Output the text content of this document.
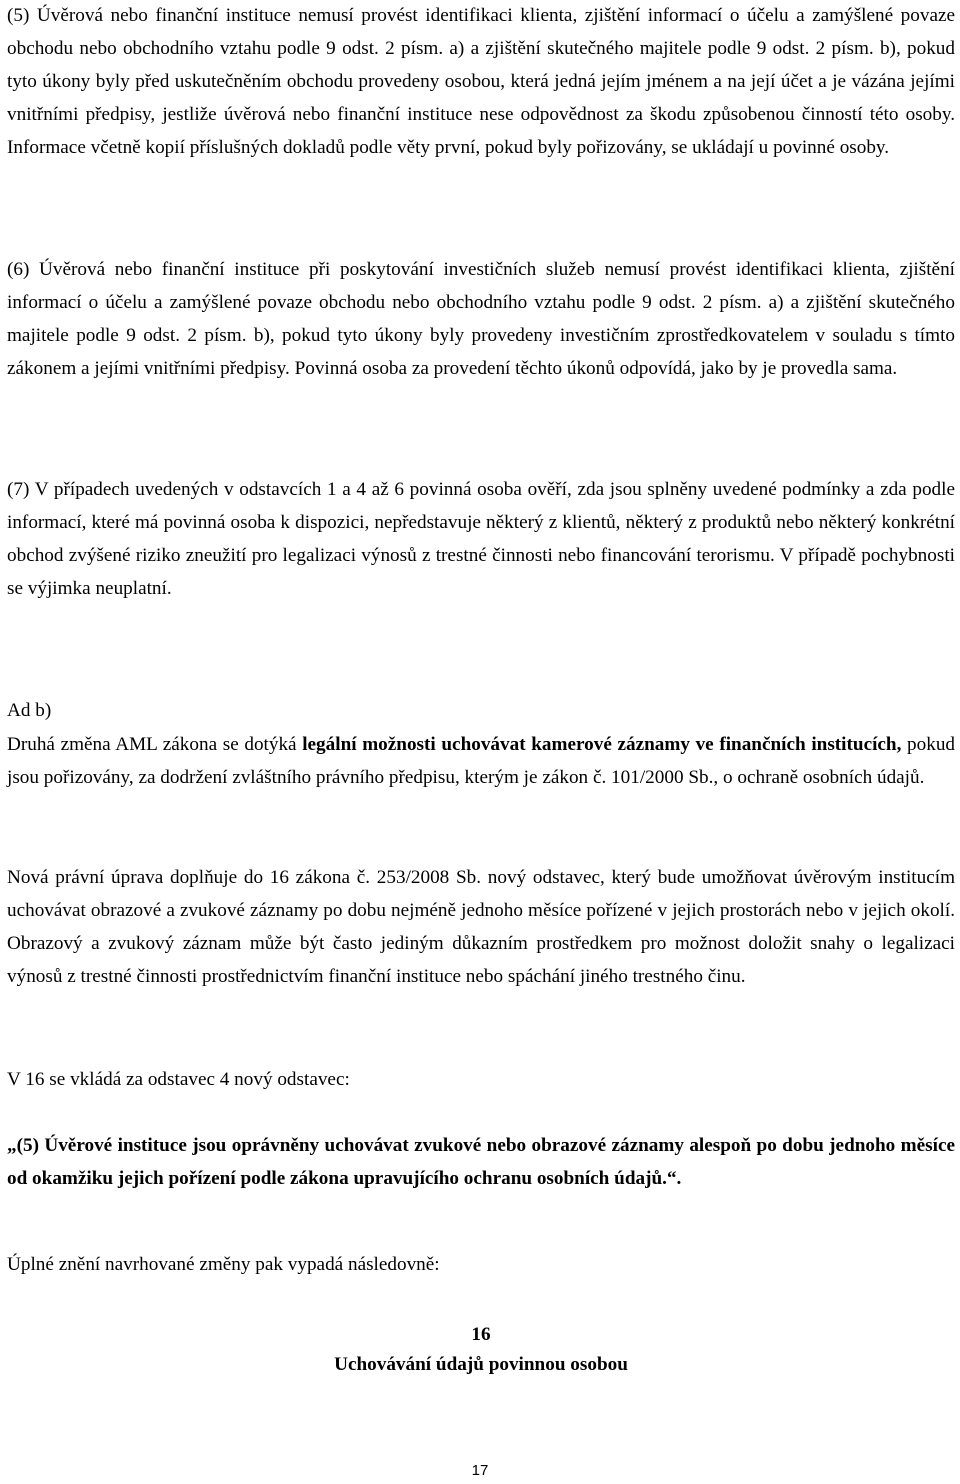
(5) Úvěrová nebo finanční instituce nemusí provést identifikaci klienta, zjištění informací o účelu a zamýšlené povaze obchodu nebo obchodního vztahu podle 9 odst. 2 písm. a) a zjištění skutečného majitele podle 9 odst. 2 písm. b), pokud tyto úkony byly před uskutečněním obchodu provedeny osobou, která jedná jejím jménem a na její účet a je vázána jejími vnitřními předpisy, jestliže úvěrová nebo finanční instituce nese odpovědnost za škodu způsobenou činností této osoby. Informace včetně kopií příslušných dokladů podle věty první, pokud byly pořizovány, se ukládají u povinné osoby.

(6) Úvěrová nebo finanční instituce při poskytování investičních služeb nemusí provést identifikaci klienta, zjištění informací o účelu a zamýšlené povaze obchodu nebo obchodního vztahu podle 9 odst. 2 písm. a) a zjištění skutečného majitele podle 9 odst. 2 písm. b), pokud tyto úkony byly provedeny investičním zprostředkovatelem v souladu s tímto zákonem a jejími vnitřními předpisy. Povinná osoba za provedení těchto úkonů odpovídá, jako by je provedla sama.

(7) V případech uvedených v odstavcích 1 a 4 až 6 povinná osoba ověří, zda jsou splněny uvedené podmínky a zda podle informací, které má povinná osoba k dispozici, nepředstavuje některý z klientů, některý z produktů nebo některý konkrétní obchod zvýšené riziko zneužití pro legalizaci výnosů z trestné činnosti nebo financování terorismu. V případě pochybnosti se výjimka neuplatní.

Ad b)

Druhá změna AML zákona se dotýká legální možnosti uchovávat kamerové záznamy ve finančních institucích, pokud jsou pořizovány, za dodržení zvláštního právního předpisu, kterým je zákon č. 101/2000 Sb., o ochraně osobních údajů.

Nová právní úprava doplňuje do 16 zákona č. 253/2008 Sb. nový odstavec, který bude umožňovat úvěrovým institucím uchovávat obrazové a zvukové záznamy po dobu nejméně jednoho měsíce pořízené v jejich prostorách nebo v jejich okolí. Obrazový a zvukový záznam může být často jediným důkazním prostředkem pro možnost doložit snahy o legalizaci výnosů z trestné činnosti prostřednictvím finanční instituce nebo spáchání jiného trestného činu.

V 16 se vkládá za odstavec 4 nový odstavec:

„(5) Úvěrové instituce jsou oprávněny uchovávat zvukové nebo obrazové záznamy alespoň po dobu jednoho měsíce od okamžiku jejich pořízení podle zákona upravujícího ochranu osobních údajů.“.

Úplné znění navrhované změny pak vypadá následovně:

16
Uchovávání údajů povinnou osobou
17
